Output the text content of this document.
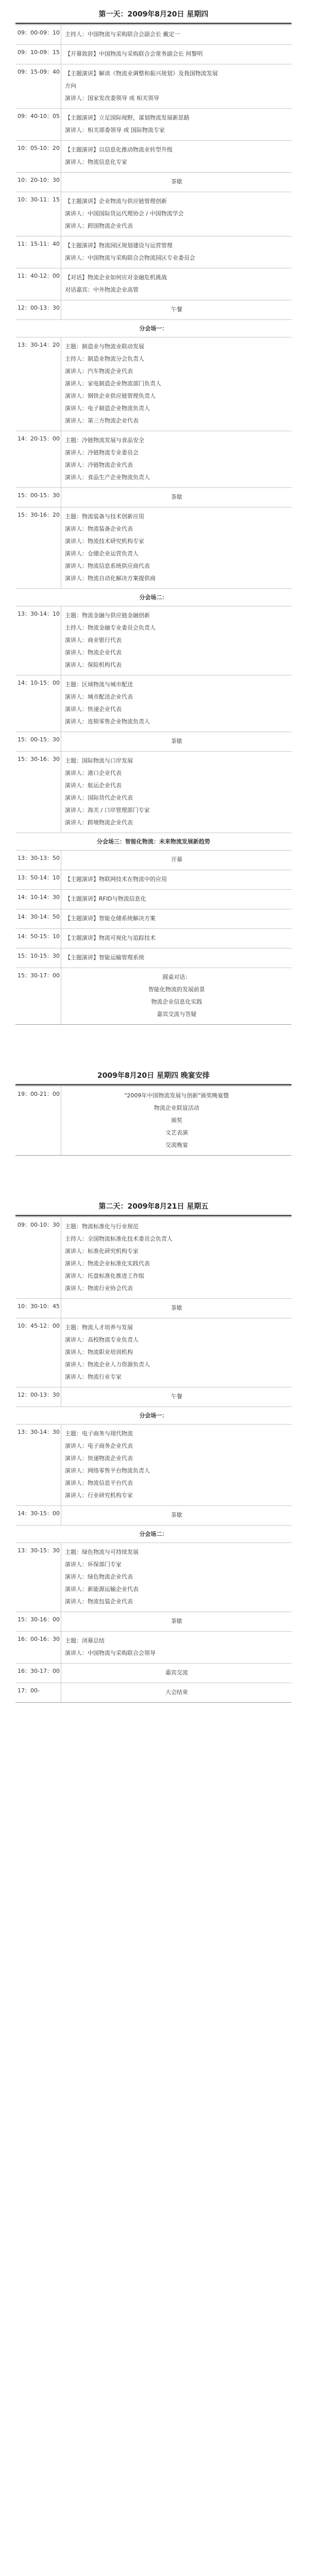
第一天：2009年8月20日 星期四
09：00-09：10 主持人：中国物流与采购联合会副会长 戴定一
09：10-09：15 【开幕致辞】中国物流与采购联合会常务副会长 何黎明
09：15-09：40 【主题演讲】解读《物流业调整和振兴规划》及我国物流发展
方向
演讲人：国家发改委领导 或 相关领导
09：40-10：05 【主题演讲】立足国际视野，谋划物流发展新思路
演讲人：相关部委领导 或 国际物流专家
10：05-10：20 【主题演讲】以信息化推动物流业转型升级
演讲人：物流信息化专家
10：20-10：30	茶歇
10：30-11：15 【主题演讲】企业物流与供应链管理创新
演讲人：中国国际货运代理协会 / 中国物流学会
演讲人：跨国物流企业代表
11：15-11：40 【主题演讲】物流园区规划建设与运营管理
演讲人：中国物流与采购联合会物流园区专业委员会
11：40-12：00 【对话】物流企业如何应对金融危机挑战
对话嘉宾：中外物流企业高管
12：00-13：30	午餐
分会场一：
13：30-14：20 主题：制造业与物流业联动发展
主持人：制造业物流分会负责人
演讲人：汽车物流企业代表
演讲人：家电制造企业物流部门负责人
演讲人：钢铁企业供应链管理负责人
演讲人：电子制造企业物流负责人
演讲人：第三方物流企业代表
14：20-15：00 主题：冷链物流发展与食品安全
演讲人：冷链物流专业委员会
演讲人：冷链物流企业代表
演讲人：食品生产企业物流负责人
15：00-15：30	茶歇
15：30-16：20 主题：物流装备与技术创新应用
演讲人：物流装备企业代表
演讲人：物流技术研究机构专家
演讲人：仓储企业运营负责人
演讲人：物流信息系统供应商代表
演讲人：物流自动化解决方案提供商
分会场二：
13：30-14：10 主题：物流金融与供应链金融创新
主持人：物流金融专业委员会负责人
演讲人：商业银行代表
演讲人：物流企业代表
演讲人：保险机构代表
14：10-15：00 主题：区域物流与城市配送
演讲人：城市配送企业代表
演讲人：快递企业代表
演讲人：连锁零售企业物流负责人
15：00-15：30	茶歇
15：30-16：30 主题：国际物流与口岸发展
演讲人：港口企业代表
演讲人：航运企业代表
演讲人：国际货代企业代表
演讲人：海关 / 口岸管理部门专家
演讲人：跨境物流企业代表
分会场三：智能化物流：未来物流发展新趋势
13：30-13：50	开幕
13：50-14：10 【主题演讲】物联网技术在物流中的应用
14：10-14：30 【主题演讲】RFID与物流信息化
14：30-14：50 【主题演讲】智能仓储系统解决方案
14：50-15：10 【主题演讲】物流可视化与追踪技术
15：10-15：30 【主题演讲】智能运输管理系统
15：30-17：00	圆桌对话：
智能化物流的发展前景
物流企业信息化实践
嘉宾交流与答疑
2009年8月20日 星期四 晚宴安排
19：00-21：00	"2009年中国物流发展与创新"颁奖晚宴暨
物流企业联谊活动
颁奖
文艺表演
交流晚宴
第二天：2009年8月21日 星期五
09：00-10：30 主题：物流标准化与行业规范
主持人：全国物流标准化技术委员会负责人
演讲人：标准化研究机构专家
演讲人：物流企业标准化实践代表
演讲人：托盘标准化推进工作组
演讲人：物流行业协会代表
10：30-10：45	茶歇
10：45-12：00 主题：物流人才培养与发展
演讲人：高校物流专业负责人
演讲人：物流职业培训机构
演讲人：物流企业人力资源负责人
演讲人：物流行业专家
12：00-13：30	午餐
分会场一：
13：30-14：30 主题：电子商务与现代物流
演讲人：电子商务企业代表
演讲人：快递物流企业代表
演讲人：网络零售平台物流负责人
演讲人：物流信息平台代表
演讲人：行业研究机构专家
14：30-15：00	茶歇
分会场二：
13：30-15：30 主题：绿色物流与可持续发展
演讲人：环保部门专家
演讲人：绿色物流企业代表
演讲人：新能源运输企业代表
演讲人：物流包装企业代表
15：30-16：00	茶歇
16：00-16：30 主题：闭幕总结
演讲人：中国物流与采购联合会领导
16：30-17：00	嘉宾交流
17：00-	大会结束
